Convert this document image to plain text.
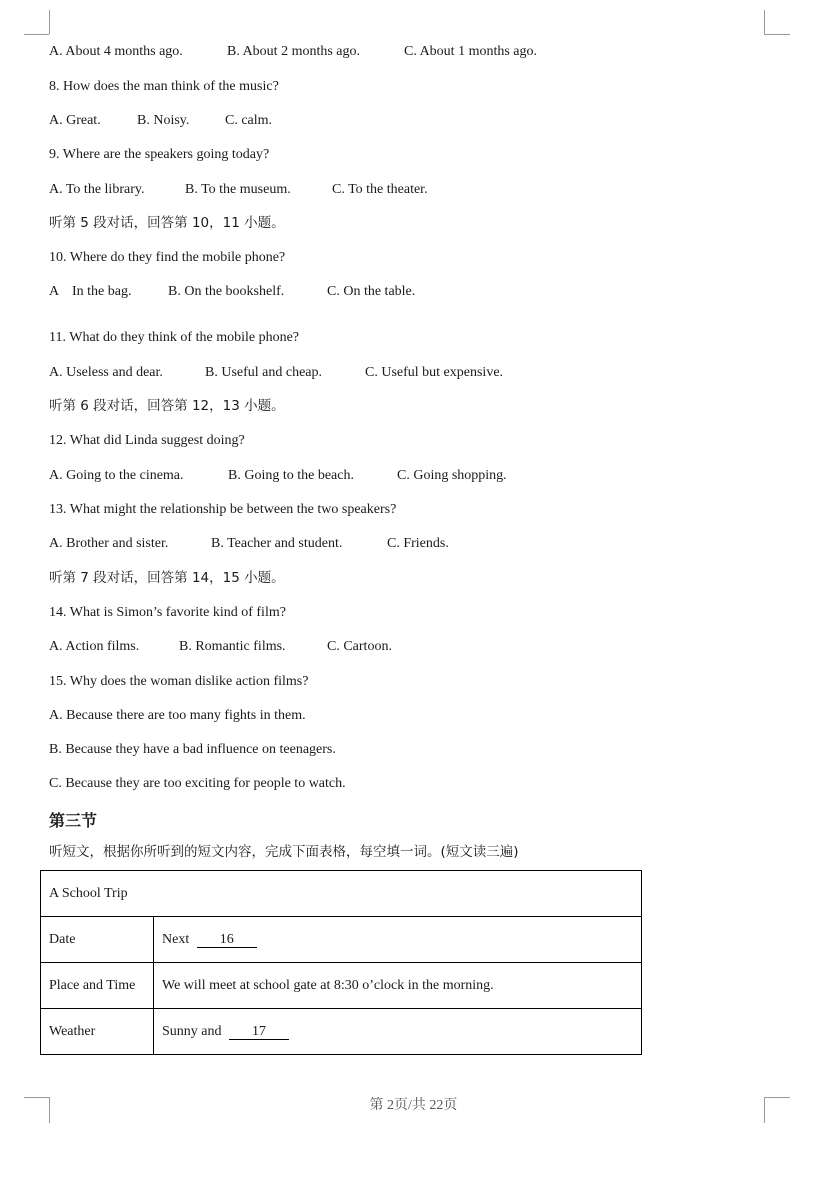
A. About 4 months ago.	B. About 2 months ago.	C. About 1 months ago.
8. How does the man think of the music?
A. Great.	B. Noisy.	C. calm.
9. Where are the speakers going today?
A. To the library.	B. To the museum.	C. To the theater.
听第 5 段对话，回答第 10，11 小题。
10. Where do they find the mobile phone?
A In the bag.	B. On the bookshelf.	C. On the table.
11. What do they think of the mobile phone?
A. Useless and dear.	B. Useful and cheap.	C. Useful but expensive.
听第 6 段对话，回答第 12，13 小题。
12. What did Linda suggest doing?
A. Going to the cinema.	B. Going to the beach.	C. Going shopping.
13. What might the relationship be between the two speakers?
A. Brother and sister.	B. Teacher and student.	C. Friends.
听第 7 段对话，回答第 14，15 小题。
14. What is Simon’s favorite kind of film?
A. Action films.	B. Romantic films.	C. Cartoon.
15. Why does the woman dislike action films?
A. Because there are too many fights in them.
B. Because they have a bad influence on teenagers.
C. Because they are too exciting for people to watch.
第三节
听短文，根据你所听到的短文内容，完成下面表格，每空填一词。(短文读三遍)
A School Trip	
Date	Next 16
Place and Time	We will meet at school gate at 8:30 o’clock in the morning.
Weather	Sunny and 17
第 2页/共 22页
